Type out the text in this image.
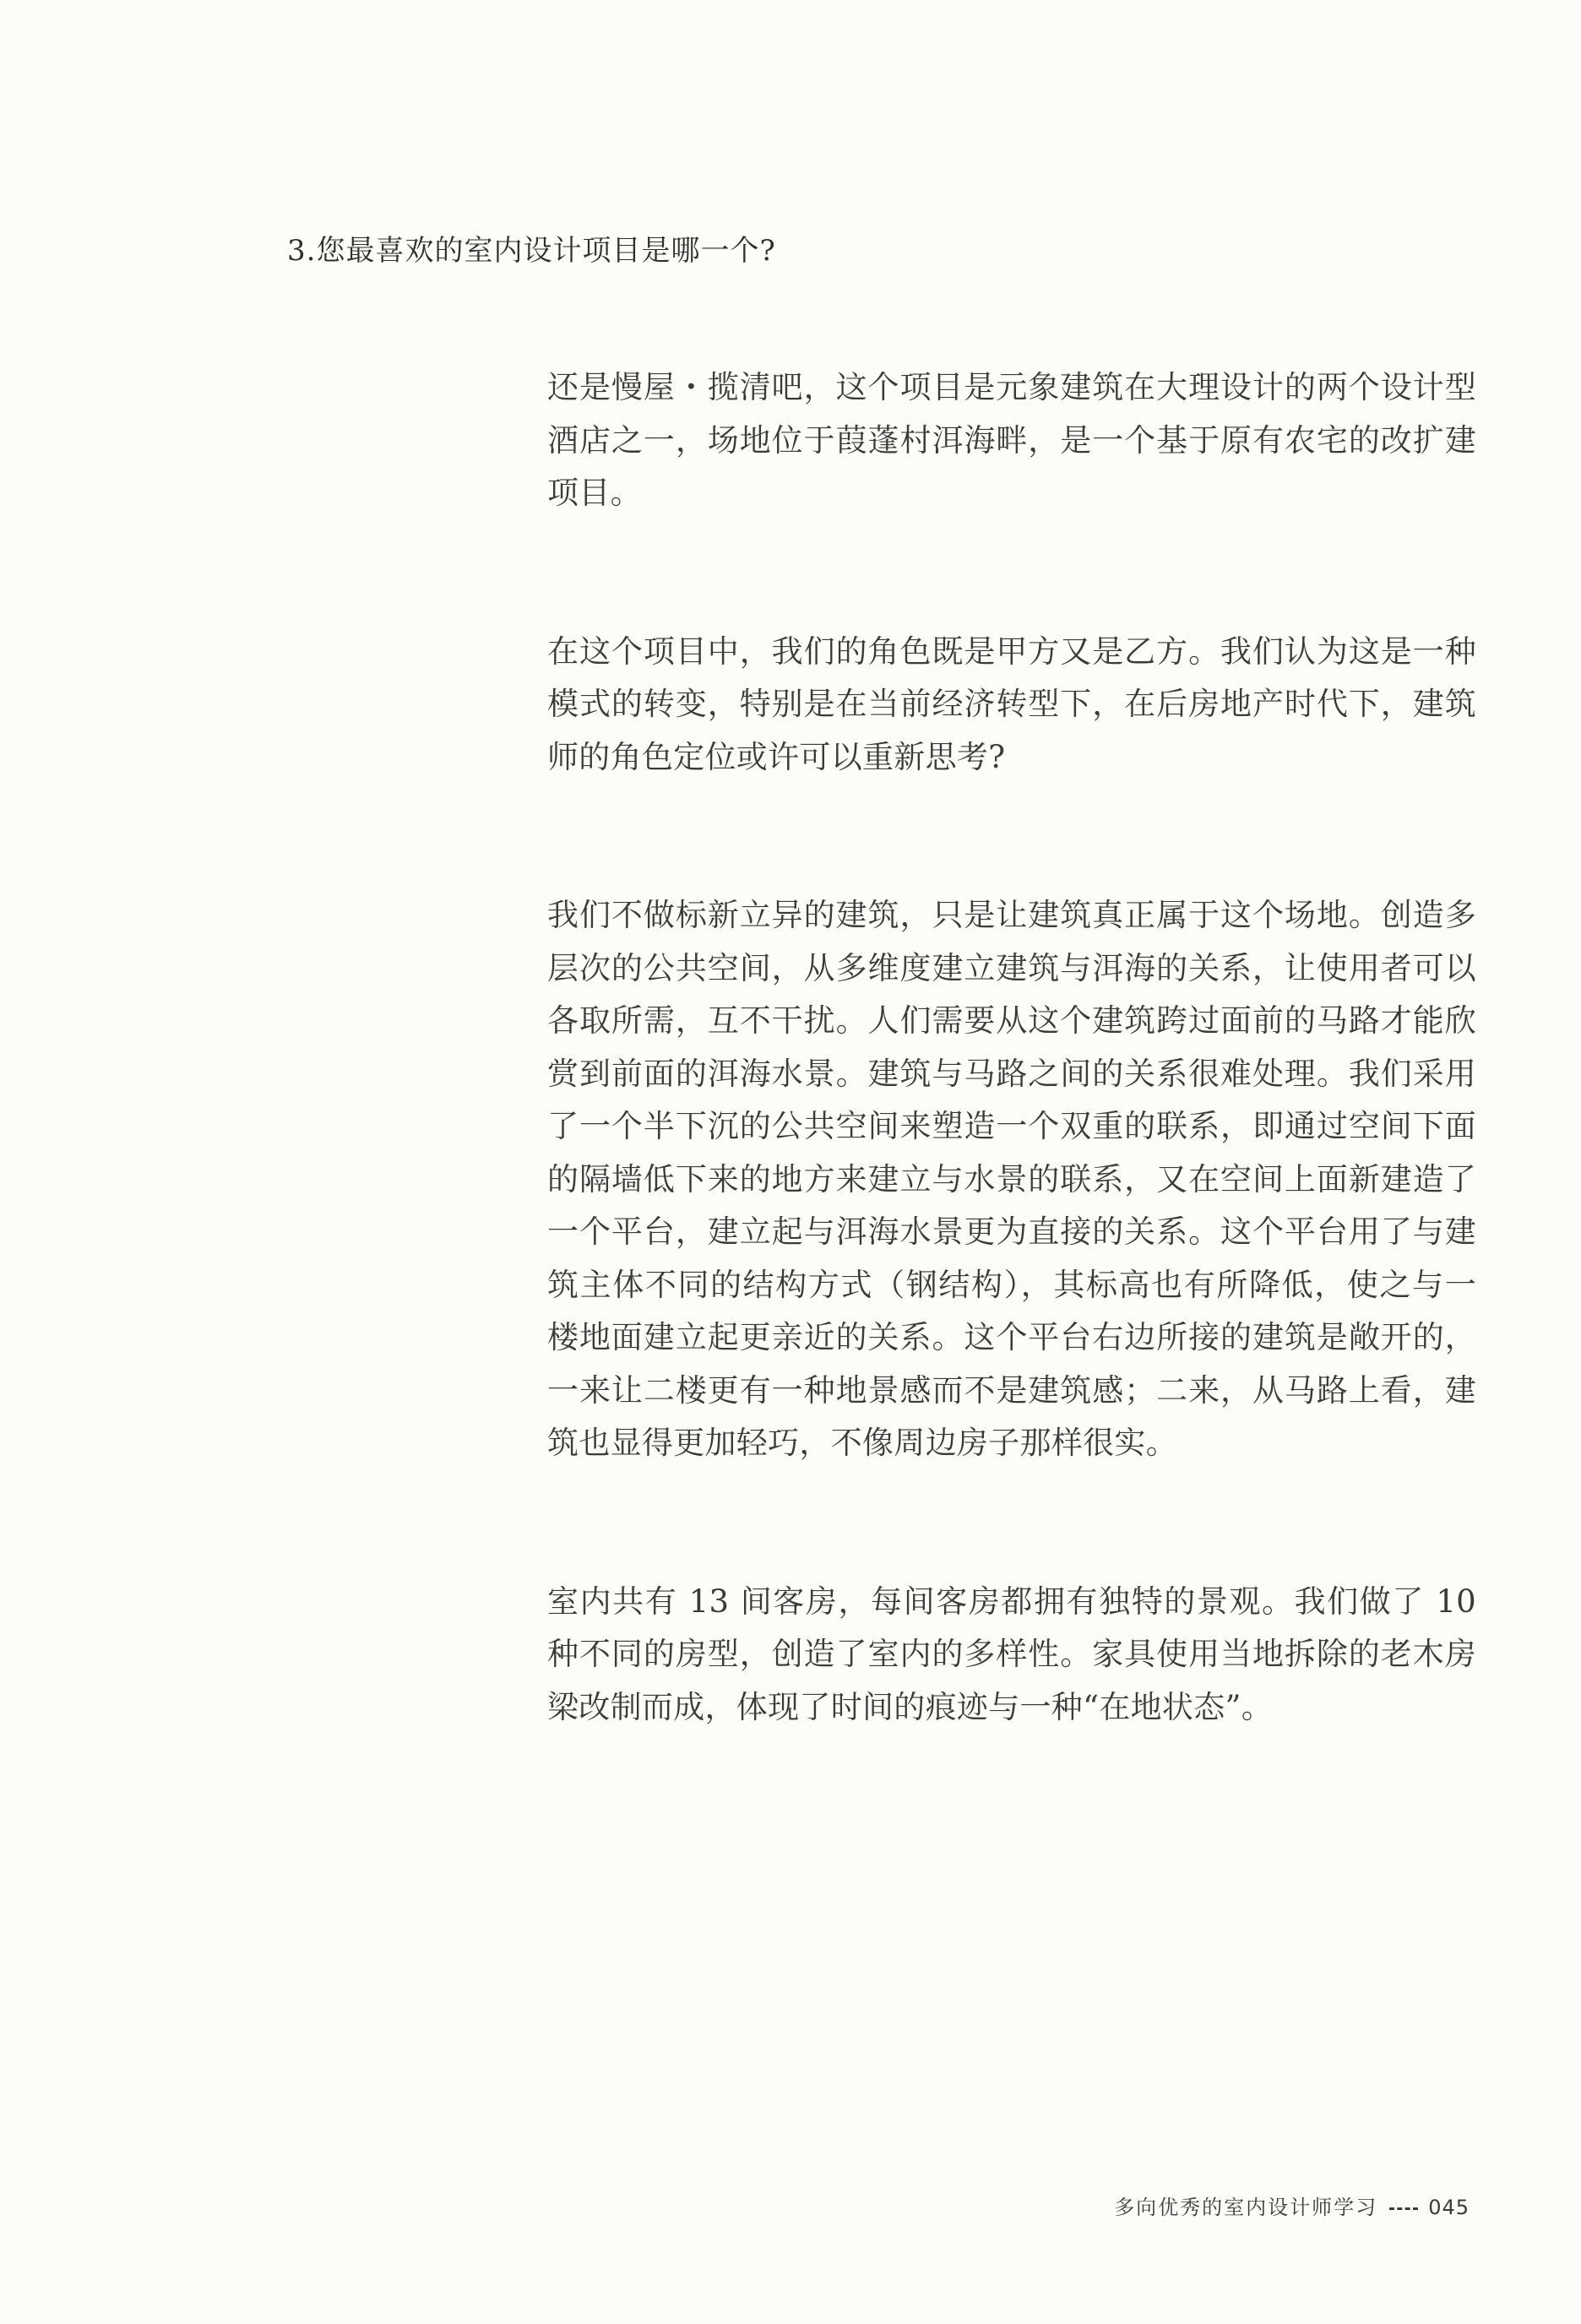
3.您最喜欢的室内设计项目是哪一个?

还是慢屋・揽清吧，这个项目是元象建筑在大理设计的两个设计型酒店之一，场地位于葭蓬村洱海畔，是一个基于原有农宅的改扩建项目。

在这个项目中，我们的角色既是甲方又是乙方。我们认为这是一种模式的转变，特别是在当前经济转型下，在后房地产时代下，建筑师的角色定位或许可以重新思考?

我们不做标新立异的建筑，只是让建筑真正属于这个场地。创造多层次的公共空间，从多维度建立建筑与洱海的关系，让使用者可以各取所需，互不干扰。人们需要从这个建筑跨过面前的马路才能欣赏到前面的洱海水景。建筑与马路之间的关系很难处理。我们采用了一个半下沉的公共空间来塑造一个双重的联系，即通过空间下面的隔墙低下来的地方来建立与水景的联系，又在空间上面新建造了一个平台，建立起与洱海水景更为直接的关系。这个平台用了与建筑主体不同的结构方式（钢结构），其标高也有所降低，使之与一楼地面建立起更亲近的关系。这个平台右边所接的建筑是敞开的，一来让二楼更有一种地景感而不是建筑感；二来，从马路上看，建筑也显得更加轻巧，不像周边房子那样很实。

室内共有 13 间客房，每间客房都拥有独特的景观。我们做了 10 种不同的房型，创造了室内的多样性。家具使用当地拆除的老木房梁改制而成，体现了时间的痕迹与一种“在地状态”。

多向优秀的室内设计师学习	045
